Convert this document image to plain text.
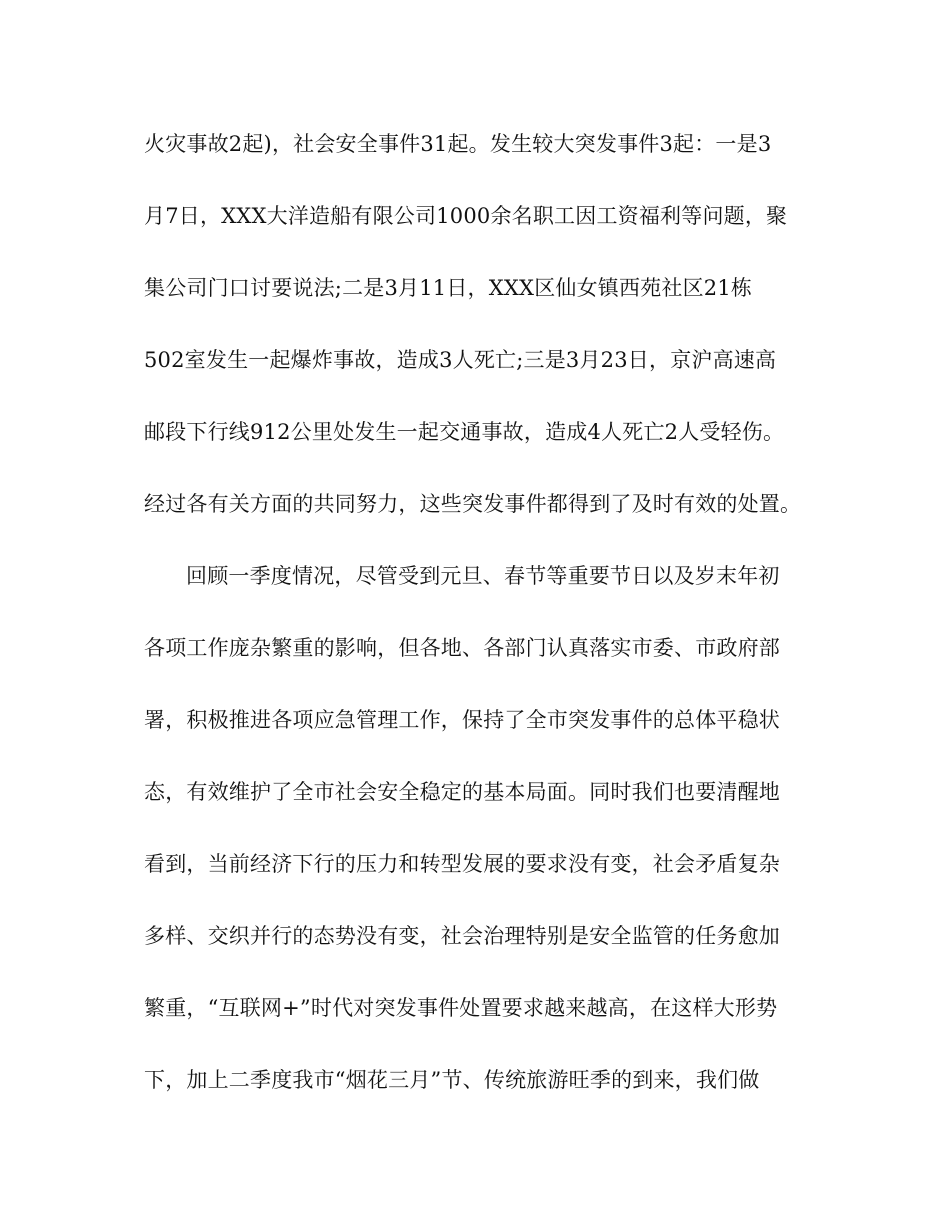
火灾事故2起)，社会安全事件31起。发生较大突发事件3起：一是3
月7日，XXX大洋造船有限公司1000余名职工因工资福利等问题，聚
集公司门口讨要说法;二是3月11日，XXX区仙女镇西苑社区21栋
502室发生一起爆炸事故，造成3人死亡;三是3月23日，京沪高速高
邮段下行线912公里处发生一起交通事故，造成4人死亡2人受轻伤。
经过各有关方面的共同努力，这些突发事件都得到了及时有效的处置。
回顾一季度情况，尽管受到元旦、春节等重要节日以及岁末年初
各项工作庞杂繁重的影响，但各地、各部门认真落实市委、市政府部
署，积极推进各项应急管理工作，保持了全市突发事件的总体平稳状
态，有效维护了全市社会安全稳定的基本局面。同时我们也要清醒地
看到，当前经济下行的压力和转型发展的要求没有变，社会矛盾复杂
多样、交织并行的态势没有变，社会治理特别是安全监管的任务愈加
繁重，“互联网+”时代对突发事件处置要求越来越高，在这样大形势
下，加上二季度我市“烟花三月”节、传统旅游旺季的到来，我们做
